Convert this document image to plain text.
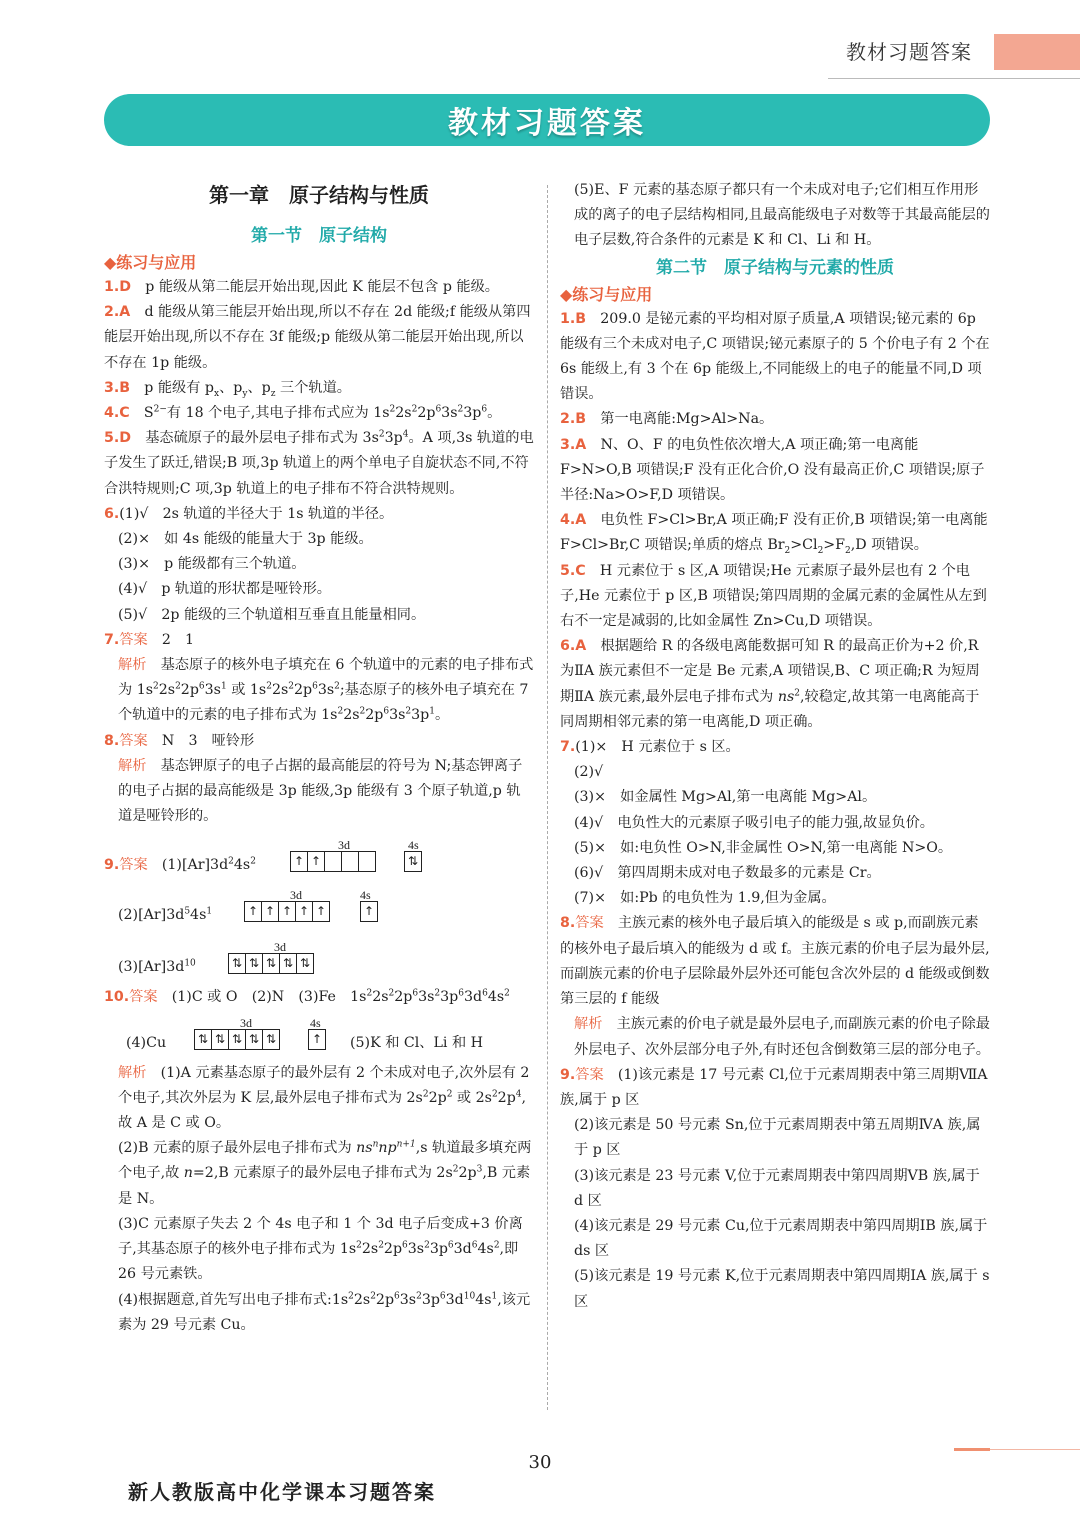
教材习题答案
教材习题答案
第一章　原子结构与性质
第一节　原子结构
◆练习与应用

1.D　p 能级从第二能层开始出现,因此 K 能层不包含 p 能级。

2.A　d 能级从第三能层开始出现,所以不存在 2d 能级;f 能级从第四能层开始出现,所以不存在 3f 能级;p 能级从第二能层开始出现,所以不存在 1p 能级。

3.B　p 能级有 $p_x$、$p_y$、$p_z$ 三个轨道。

4.C　$S^{2-}$有 18 个电子,其电子排布式应为 $1s^22s^22p^63s^23p^6$。

5.D　基态硫原子的最外层电子排布式为 $3s^23p^4$。A 项,3s 轨道的电子发生了跃迁,错误;B 项,3p 轨道上的两个单电子自旋状态不同,不符合洪特规则;C 项,3p 轨道上的电子排布不符合洪特规则。

6.(1)√　2s 轨道的半径大于 1s 轨道的半径。

(2)×　如 4s 能级的能量大于 3p 能级。

(3)×　p 能级都有三个轨道。

(4)√　p 轨道的形状都是哑铃形。

(5)√　2p 能级的三个轨道相互垂直且能量相同。

7.答案　2　1

解析　基态原子的核外电子填充在 6 个轨道中的元素的电子排布式为 $1s^22s^22p^63s^1$ 或 $1s^22s^22p^63s^2$;基态原子的核外电子填充在 7 个轨道中的元素的电子排布式为 $1s^22s^22p^63s^23p^1$。

8.答案　N　3　哑铃形

解析　基态钾原子的电子占据的最高能层的符号为 N;基态钾离子的电子占据的最高能级是 3p 能级,3p 能级有 3 个原子轨道,p 轨道是哑铃形的。

9.答案　$(1)[Ar]3d^24s^2$
3d	4s
↑ ↑	⇅
$(2)[Ar]3d^54s^1$
3d	4s
↑ ↑ ↑ ↑ ↑	↑
$(3)[Ar]3d^{10}$
3d
⇅ ⇅ ⇅ ⇅ ⇅

10.答案　(1)C 或 O　(2)N　(3)Fe　$1s^22s^22p^63s^23p^63d^64s^2$

(4)Cu
3d	4s
⇅ ⇅ ⇅ ⇅ ⇅	↑ (5)K 和 Cl、Li 和 H

解析　(1)A 元素基态原子的最外层有 2 个未成对电子,次外层有 2 个电子,其次外层为 K 层,最外层电子排布式为 $2s^22p^2$ 或 $2s^22p^4$,故 A 是 C 或 O。

(2)B 元素的原子最外层电子排布式为 $ns^nnp^{n+1},s$ 轨道最多填充两个电子,故 n=2,B 元素原子的最外层电子排布式为 $2s^22p^3,B$ 元素是 N。

(3)C 元素原子失去 2 个 4s 电子和 1 个 3d 电子后变成+3 价离子,其基态原子的核外电子排布式为 $1s^22s^22p^63s^23p^63d^64s^2$,即 26 号元素铁。

(4)根据题意,首先写出电子排布式$:1s^22s^22p^63s^23p^63d^{10}4s^1$,该元素为 29 号元素 Cu。

(5)E、F 元素的基态原子都只有一个未成对电子;它们相互作用形成的离子的电子层结构相同,且最高能级电子对数等于其最高能层的电子层数,符合条件的元素是 K 和 Cl、Li 和 H。

第二节　原子结构与元素的性质
◆练习与应用

1.B　209.0 是铋元素的平均相对原子质量,A 项错误;铋元素的 6p 能级有三个未成对电子,C 项错误;铋元素原子的 5 个价电子有 2 个在 6s 能级上,有 3 个在 6p 能级上,不同能级上的电子的能量不同,D 项错误。

2.B　第一电离能:Mg>Al>Na。

3.A　N、O、F 的电负性依次增大,A 项正确;第一电离能 F>N>O,B 项错误;F 没有正化合价,O 没有最高正价,C 项错误;原子半径:Na>O>F,D 项错误。

4.A　电负性 F>Cl>Br,A 项正确;F 没有正价,B 项错误;第一电离能 F>Cl>Br,C 项错误;单质的熔点 $Br_2>Cl_2>F_2,D$ 项错误。

5.C　H 元素位于 s 区,A 项错误;He 元素原子最外层也有 2 个电子,He 元素位于 p 区,B 项错误;第四周期的金属元素的金属性从左到右不一定是减弱的,比如金属性 Zn>Cu,D 项错误。

6.A　根据题给 R 的各级电离能数据可知 R 的最高正价为+2 价,R 为ⅡA 族元素但不一定是 Be 元素,A 项错误,B、C 项正确;R 为短周期ⅡA 族元素,最外层电子排布式为 $ns^2$,较稳定,故其第一电离能高于同周期相邻元素的第一电离能,D 项正确。

7.(1)×　H 元素位于 s 区。

(2)√

(3)×　如金属性 Mg>Al,第一电离能 Mg>Al。

(4)√　电负性大的元素原子吸引电子的能力强,故显负价。

(5)×　如:电负性 O>N,非金属性 O>N,第一电离能 N>O。

(6)√　第四周期未成对电子数最多的元素是 Cr。

(7)×　如:Pb 的电负性为 1.9,但为金属。

8.答案　主族元素的核外电子最后填入的能级是 s 或 p,而副族元素的核外电子最后填入的能级为 d 或 f。主族元素的价电子层为最外层,而副族元素的价电子层除最外层外还可能包含次外层的 d 能级或倒数第三层的 f 能级

解析　主族元素的价电子就是最外层电子,而副族元素的价电子除最外层电子、次外层部分电子外,有时还包含倒数第三层的部分电子。

9.答案　(1)该元素是 17 号元素 Cl,位于元素周期表中第三周期ⅦA 族,属于 p 区

(2)该元素是 50 号元素 Sn,位于元素周期表中第五周期ⅣA 族,属于 p 区

(3)该元素是 23 号元素 V,位于元素周期表中第四周期ⅤB 族,属于 d 区

(4)该元素是 29 号元素 Cu,位于元素周期表中第四周期ⅠB 族,属于 ds 区

(5)该元素是 19 号元素 K,位于元素周期表中第四周期ⅠA 族,属于 s 区

30
新人教版高中化学课本习题答案
